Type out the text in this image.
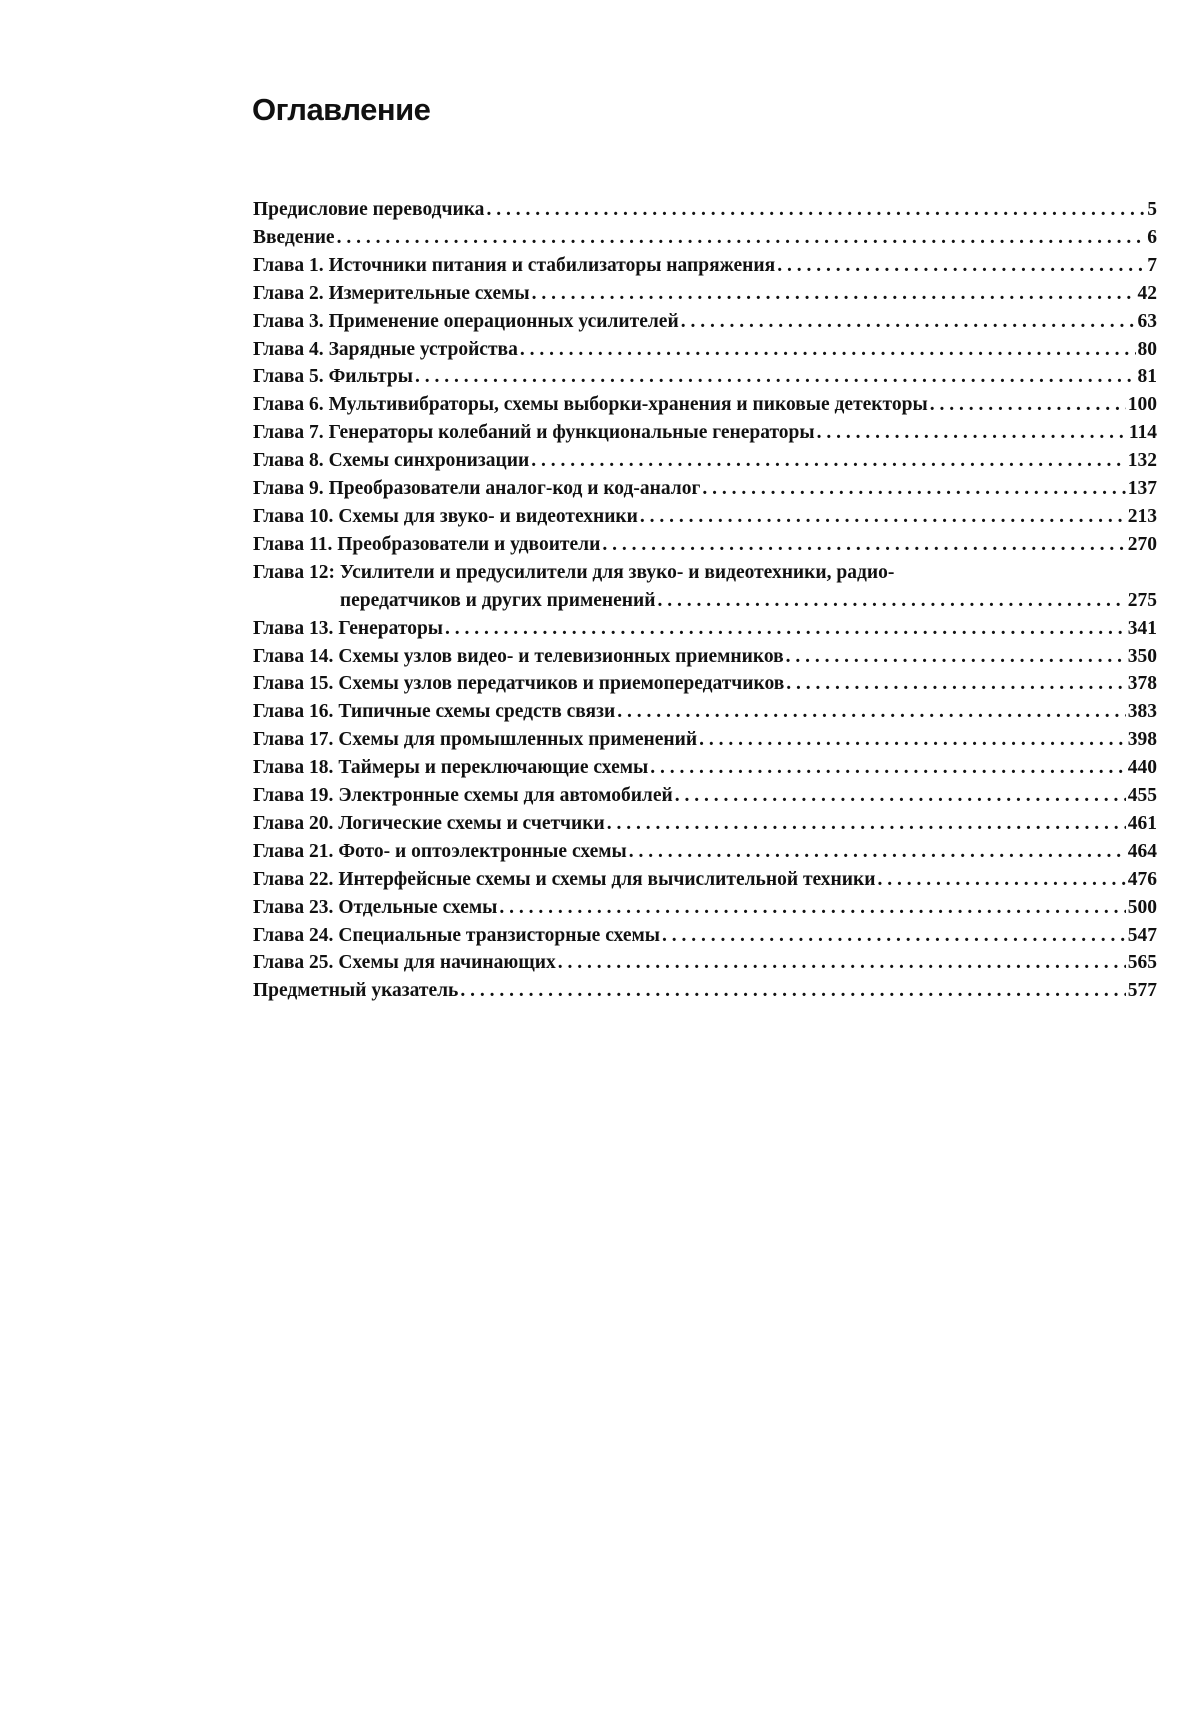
Оглавление
Предисловие переводчика . . .	5
Введение . . .	6
Глава 1. Источники питания и стабилизаторы напряжения . . .	7
Глава 2. Измерительные схемы . . .	42
Глава 3. Применение операционных усилителей . . .	63
Глава 4. Зарядные устройства . . .	80
Глава 5. Фильтры . . .	81
Глава 6. Мультивибраторы, схемы выборки-хранения и пиковые детекторы . . .	100
Глава 7. Генераторы колебаний и функциональные генераторы . . .	114
Глава 8. Схемы синхронизации . . .	132
Глава 9. Преобразователи аналог-код и код-аналог . . .	137
Глава 10. Схемы для звуко- и видеотехники . . .	213
Глава 11. Преобразователи и удвоители . . .	270
Глава 12: Усилители и предусилители для звуко- и видеотехники, радио-
передатчиков и других применений . . .	275
Глава 13. Генераторы . . .	341
Глава 14. Схемы узлов видео- и телевизионных приемников . . .	350
Глава 15. Схемы узлов передатчиков и приемопередатчиков . . .	378
Глава 16. Типичные схемы средств связи . . .	383
Глава 17. Схемы для промышленных применений . . .	398
Глава 18. Таймеры и переключающие схемы . . .	440
Глава 19. Электронные схемы для автомобилей . . .	455
Глава 20. Логические схемы и счетчики . . .	461
Глава 21. Фото- и оптоэлектронные схемы . . .	464
Глава 22. Интерфейсные схемы и схемы для вычислительной техники . . .	476
Глава 23. Отдельные схемы . . .	500
Глава 24. Специальные транзисторные схемы . . .	547
Глава 25. Схемы для начинающих . . .	565
Предметный указатель . . .	577
